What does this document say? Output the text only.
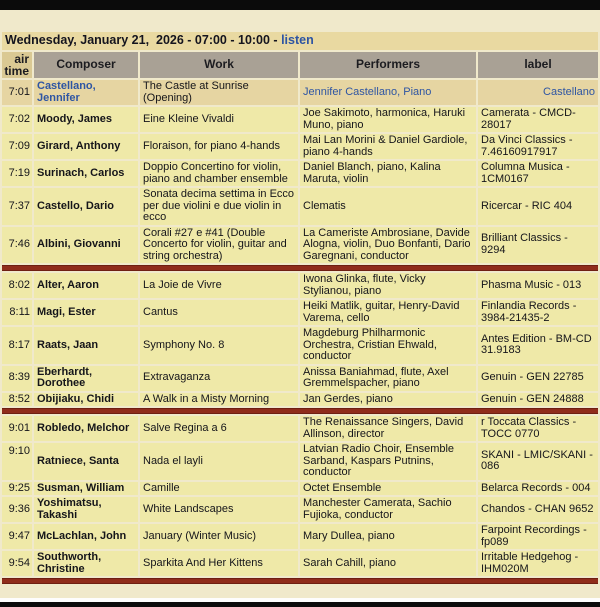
Wednesday, January 21,  2026 - 07:00 - 10:00 - listen				
air time	Composer	Work	Performers	label
7:01	Castellano, Jennifer	The Castle at Sunrise (Opening)	Jennifer Castellano, Piano	Castellano
7:02	Moody, James	Eine Kleine Vivaldi	Joe Sakimoto, harmonica, Haruki Muno, piano	Camerata - CMCD-28017
7:09	Girard, Anthony	Floraison, for piano 4-hands	Mai Lan Morini & Daniel Gardiole, piano 4-hands	Da Vinci Classics - 7.46160917917
7:19	Surinach, Carlos	Doppio Concertino for violin, piano and chamber ensemble	Daniel Blanch, piano, Kalina Maruta, violin	Columna Musica - 1CM0167
7:37	Castello, Dario	Sonata decima settima in Ecco per due violini e due violin in ecco	Clematis	Ricercar - RIC 404
7:46	Albini, Giovanni	Corali #27 e #41 (Double Concerto for violin, guitar and string orchestra)	La Cameriste Ambrosiane, Davide Alogna, violin, Duo Bonfanti, Dario Garegnani, conductor	Brilliant Classics - 9294

8:02	Alter, Aaron	La Joie de Vivre	Iwona Glinka, flute, Vicky Stylianou, piano	Phasma Music - 013
8:11	Magi, Ester	Cantus	Heiki Matlik, guitar, Henry-David Varema, cello	Finlandia Records - 3984-21435-2
8:17	Raats, Jaan	Symphony No. 8	Magdeburg Philharmonic Orchestra, Cristian Ehwald, conductor	Antes Edition - BM-CD 31.9183
8:39	Eberhardt, Dorothee	Extravaganza	Anissa Baniahmad, flute, Axel Gremmelspacher, piano	Genuin - GEN 22785
8:52	Obijiaku, Chidi	A Walk in a Misty Morning	Jan Gerdes, piano	Genuin - GEN 24888

9:01	Robledo, Melchor	Salve Regina a 6	The Renaissance Singers, David Allinson, director	r Toccata Classics - TOCC 0770
9:10	Ratniece, Santa	Nada el layli	Latvian Radio Choir, Ensemble Sarband, Kaspars Putnins, conductor	SKANI - LMIC/SKANI - 086
9:25	Susman, William	Camille	Octet Ensemble	Belarca Records - 004
9:36	Yoshimatsu, Takashi	White Landscapes	Manchester Camerata, Sachio Fujioka, conductor	Chandos - CHAN 9652
9:47	McLachlan, John	January (Winter Music)	Mary Dullea, piano	Farpoint Recordings - fp089
9:54	Southworth, Christine	Sparkita And Her Kittens	Sarah Cahill, piano	Irritable Hedgehog - IHM020M
